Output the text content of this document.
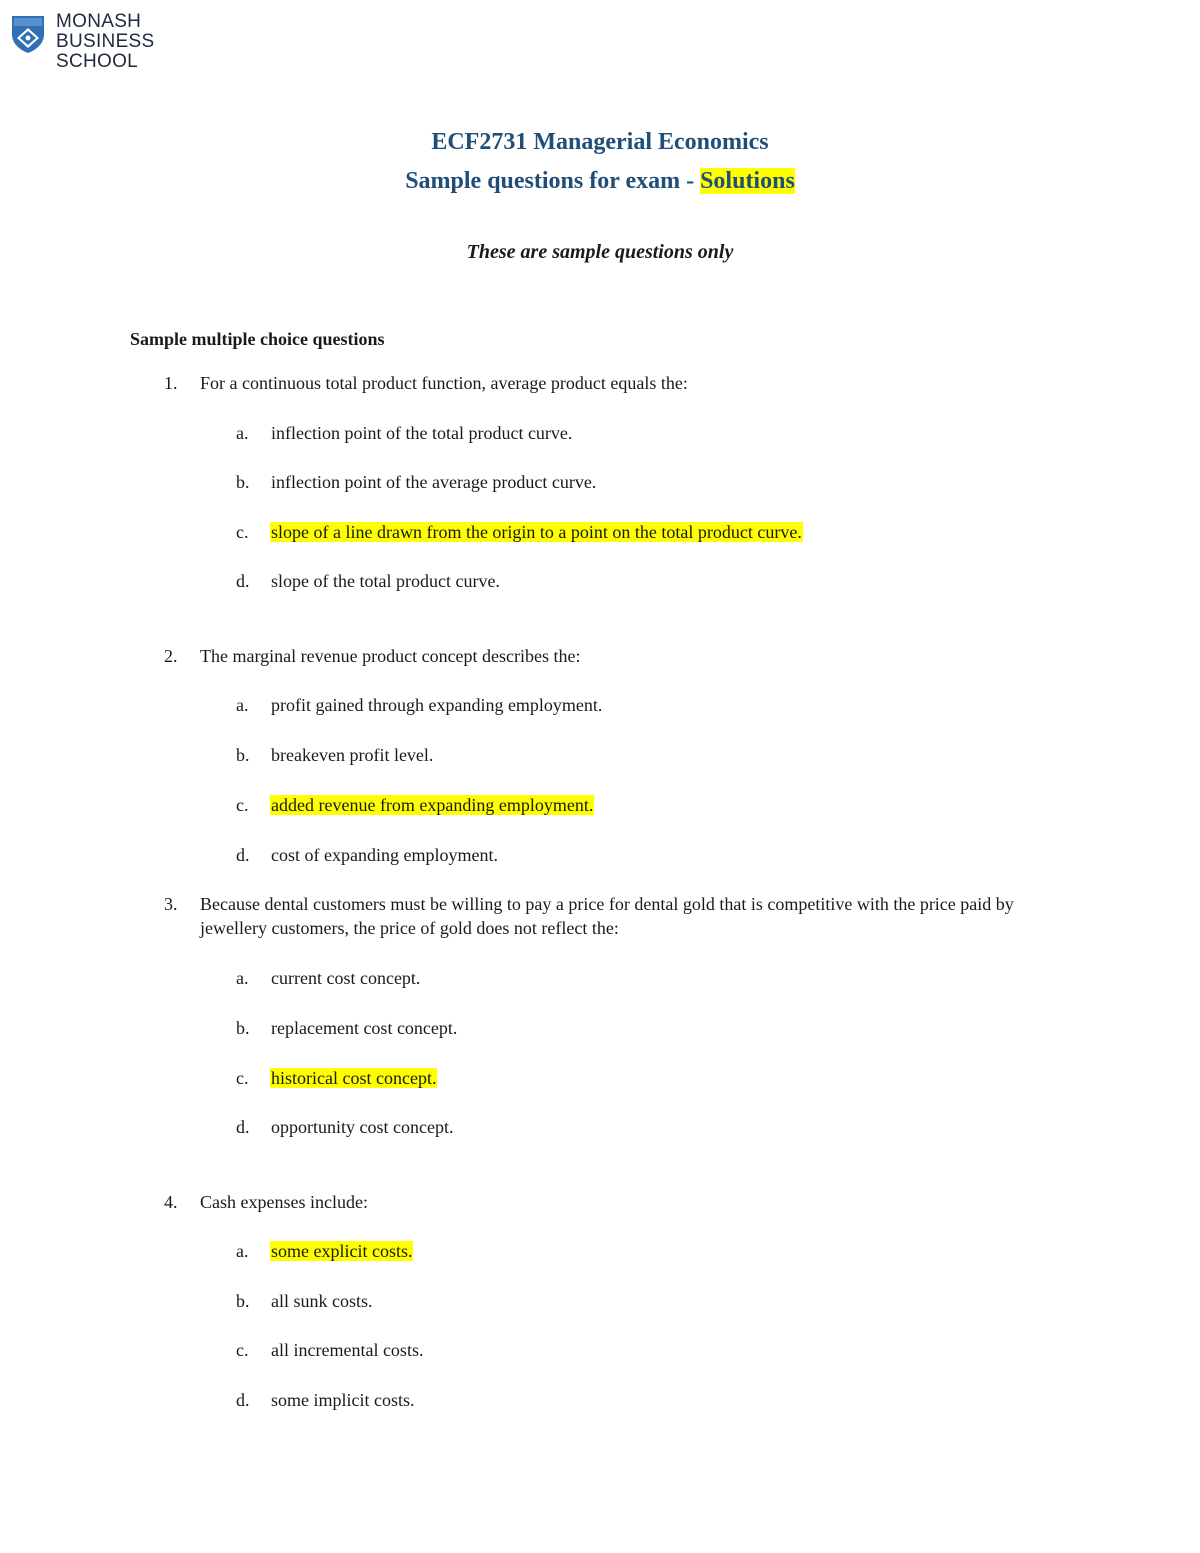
MONASH
BUSINESS
SCHOOL
ECF2731 Managerial Economics
Sample questions for exam - Solutions
These are sample questions only
Sample multiple choice questions
1.	For a continuous total product function, average product equals the:
a. inflection point of the total product curve.
b. inflection point of the average product curve.
c. slope of a line drawn from the origin to a point on the total product curve.
d. slope of the total product curve.
2.	The marginal revenue product concept describes the:
a. profit gained through expanding employment.
b. breakeven profit level.
c. added revenue from expanding employment.
d. cost of expanding employment.
3.	Because dental customers must be willing to pay a price for dental gold that is competitive with the price paid by jewellery customers, the price of gold does not reflect the:
a. current cost concept.
b. replacement cost concept.
c. historical cost concept.
d. opportunity cost concept.
4.	Cash expenses include:
a. some explicit costs.
b. all sunk costs.
c. all incremental costs.
d. some implicit costs.
